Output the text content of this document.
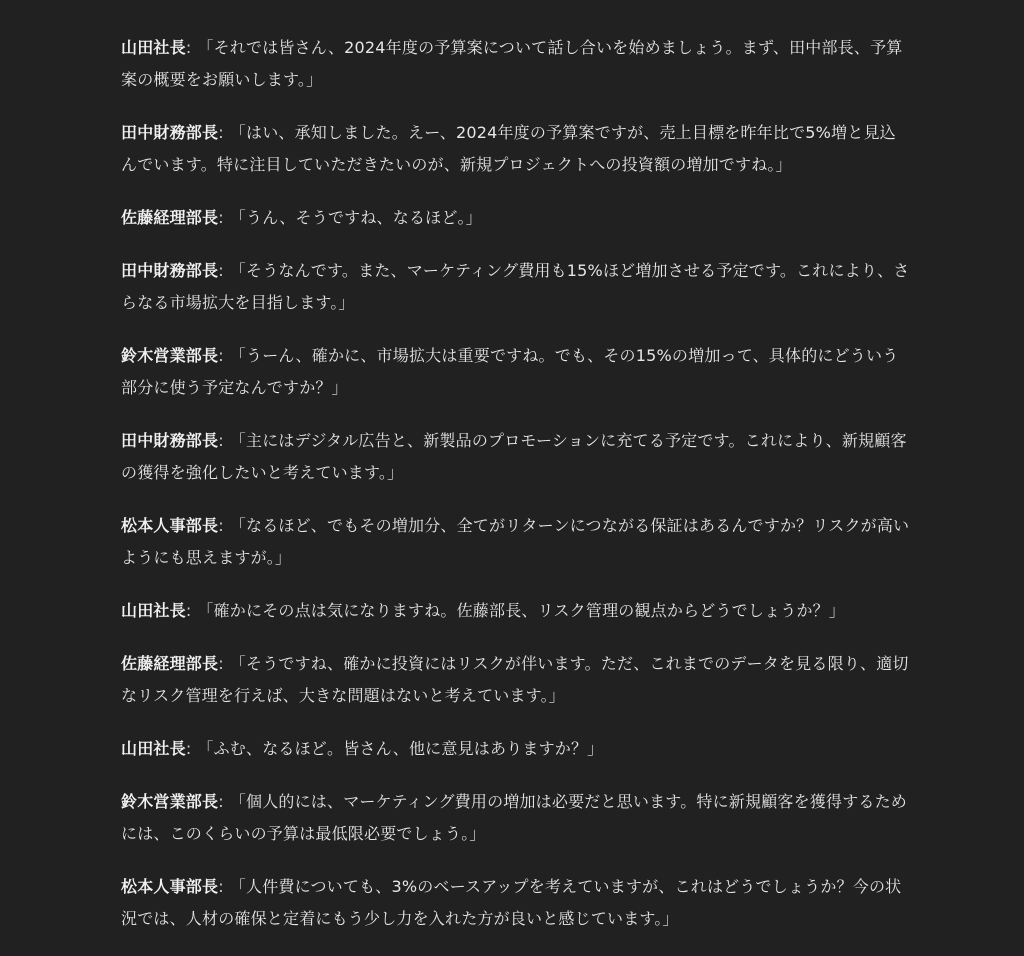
山田社長: 「それでは皆さん、2024年度の予算案について話し合いを始めましょう。まず、田中部長、予算案の概要をお願いします。」

田中財務部長: 「はい、承知しました。えー、2024年度の予算案ですが、売上目標を昨年比で5%増と見込んでいます。特に注目していただきたいのが、新規プロジェクトへの投資額の増加ですね。」

佐藤経理部長: 「うん、そうですね、なるほど。」

田中財務部長: 「そうなんです。また、マーケティング費用も15%ほど増加させる予定です。これにより、さらなる市場拡大を目指します。」

鈴木営業部長: 「うーん、確かに、市場拡大は重要ですね。でも、その15%の増加って、具体的にどういう部分に使う予定なんですか？」

田中財務部長: 「主にはデジタル広告と、新製品のプロモーションに充てる予定です。これにより、新規顧客の獲得を強化したいと考えています。」

松本人事部長: 「なるほど、でもその増加分、全てがリターンにつながる保証はあるんですか？リスクが高いようにも思えますが。」

山田社長: 「確かにその点は気になりますね。佐藤部長、リスク管理の観点からどうでしょうか？」

佐藤経理部長: 「そうですね、確かに投資にはリスクが伴います。ただ、これまでのデータを見る限り、適切なリスク管理を行えば、大きな問題はないと考えています。」

山田社長: 「ふむ、なるほど。皆さん、他に意見はありますか？」

鈴木営業部長: 「個人的には、マーケティング費用の増加は必要だと思います。特に新規顧客を獲得するためには、このくらいの予算は最低限必要でしょう。」

松本人事部長: 「人件費についても、3%のベースアップを考えていますが、これはどうでしょうか？今の状況では、人材の確保と定着にもう少し力を入れた方が良いと感じています。」
